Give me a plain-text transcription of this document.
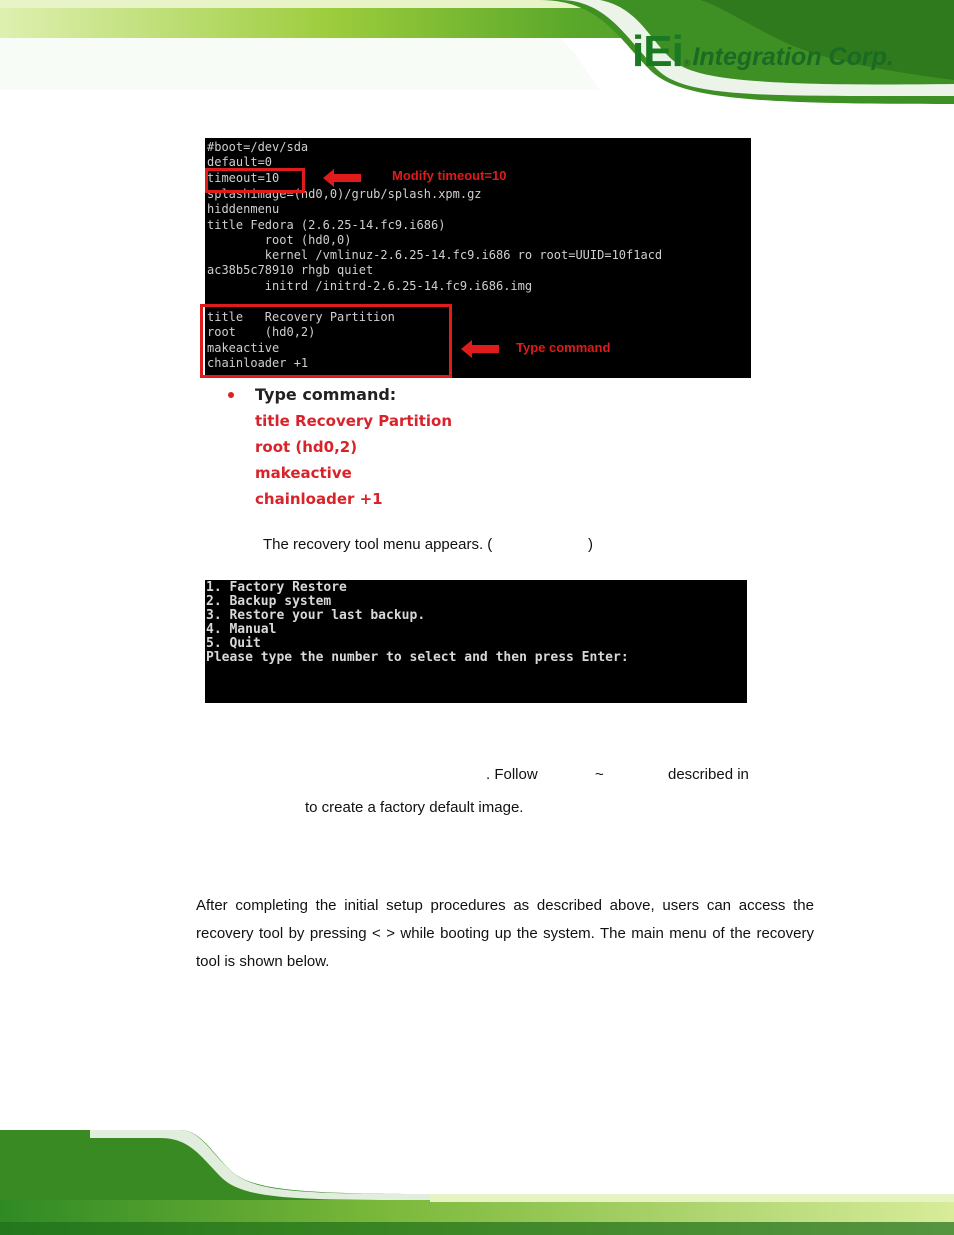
iEi ® Integration Corp.
#boot=/dev/sda
default=0
timeout=10
splashimage=(hd0,0)/grub/splash.xpm.gz
hiddenmenu
title Fedora (2.6.25-14.fc9.i686)
root (hd0,0)
kernel /vmlinuz-2.6.25-14.fc9.i686 ro root=UUID=10f1acd
ac38b5c78910 rhgb quiet
initrd /initrd-2.6.25-14.fc9.i686.img
title   Recovery Partition
root    (hd0,2)
makeactive
chainloader +1
Modify timeout=10
Type command
Type command:
title Recovery Partition
root (hd0,2)
makeactive
chainloader +1
The recovery tool menu appears. (	)
1. Factory Restore
2. Backup system
3. Restore your last backup.
4. Manual
5. Quit
Please type the number to select and then press Enter:
. Follow	~	described in
to create a factory default image.
After completing the initial setup procedures as described above, users can access the recovery tool by pressing < > while booting up the system. The main menu of the recovery tool is shown below.
